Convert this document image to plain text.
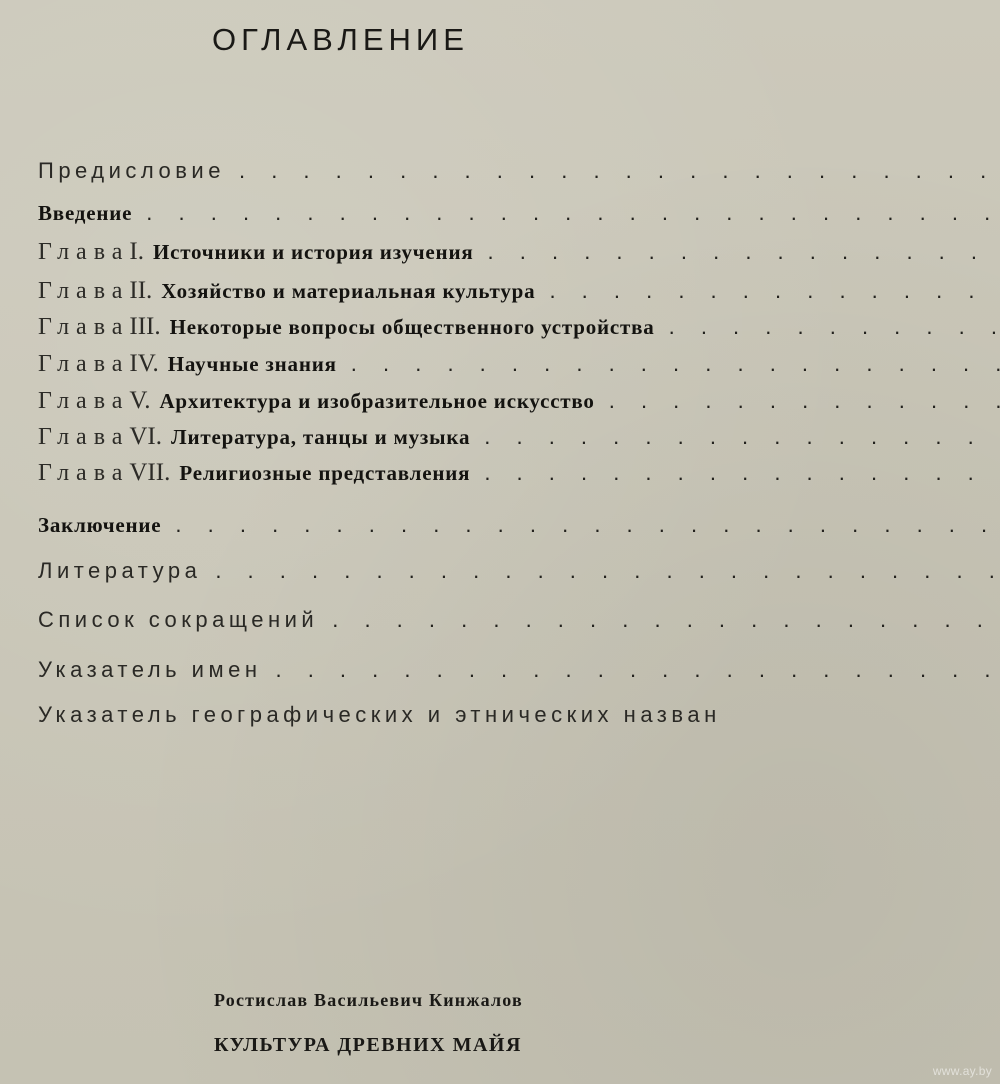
ОГЛАВЛЕНИЕ
Предисловие
. . .
Введение
. . .
Глава I. Источники и история изучения
. . .
Глава II. Хозяйство и материальная культура
. . .
Глава III. Некоторые вопросы общественного устройства
. . .
Глава IV. Научные знания
. . .
Глава V. Архитектура и изобразительное искусство
. . .
Глава VI. Литература, танцы и музыка
. . .
Глава VII. Религиозные представления
. . .
Заключение
. . .
Литература
. . .
Список сокращений
. . .
Указатель имен
. . .
Указатель географических и этнических назван
Ростислав Васильевич Кинжалов
КУЛЬТУРА ДРЕВНИХ МАЙЯ
www.ay.by
